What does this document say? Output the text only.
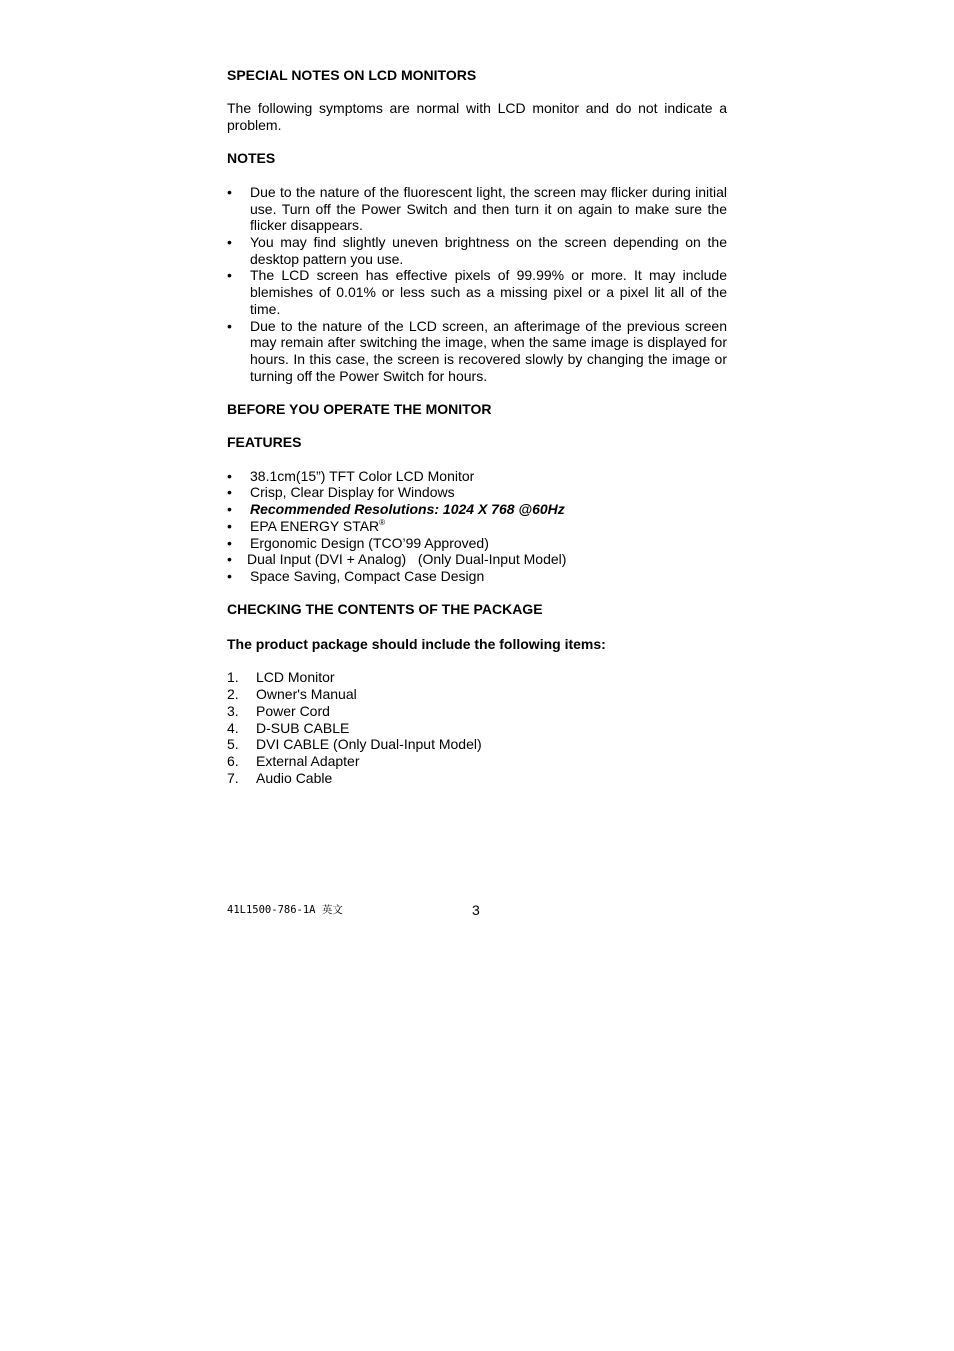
SPECIAL NOTES ON LCD MONITORS

The following symptoms are normal with LCD monitor and do not indicate a problem.

NOTES

• Due to the nature of the fluorescent light, the screen may flicker during initial use. Turn off the Power Switch and then turn it on again to make sure the flicker disappears.
• You may find slightly uneven brightness on the screen depending on the desktop pattern you use.
• The LCD screen has effective pixels of 99.99% or more. It may include blemishes of 0.01% or less such as a missing pixel or a pixel lit all of the time.
• Due to the nature of the LCD screen, an afterimage of the previous screen may remain after switching the image, when the same image is displayed for hours. In this case, the screen is recovered slowly by changing the image or turning off the Power Switch for hours.

BEFORE YOU OPERATE THE MONITOR

FEATURES

• 38.1cm(15”) TFT Color LCD Monitor
• Crisp, Clear Display for Windows
• Recommended Resolutions: 1024 X 768 @60Hz
• EPA ENERGY STAR®
• Ergonomic Design (TCO’99 Approved)
• Dual Input (DVI + Analog)   (Only Dual-Input Model)
• Space Saving, Compact Case Design

CHECKING THE CONTENTS OF THE PACKAGE

The product package should include the following items:

1. LCD Monitor
2. Owner's Manual
3. Power Cord
4. D-SUB CABLE
5. DVI CABLE (Only Dual-Input Model)
6. External Adapter
7. Audio Cable
41L1500-786-1A 英文	3
